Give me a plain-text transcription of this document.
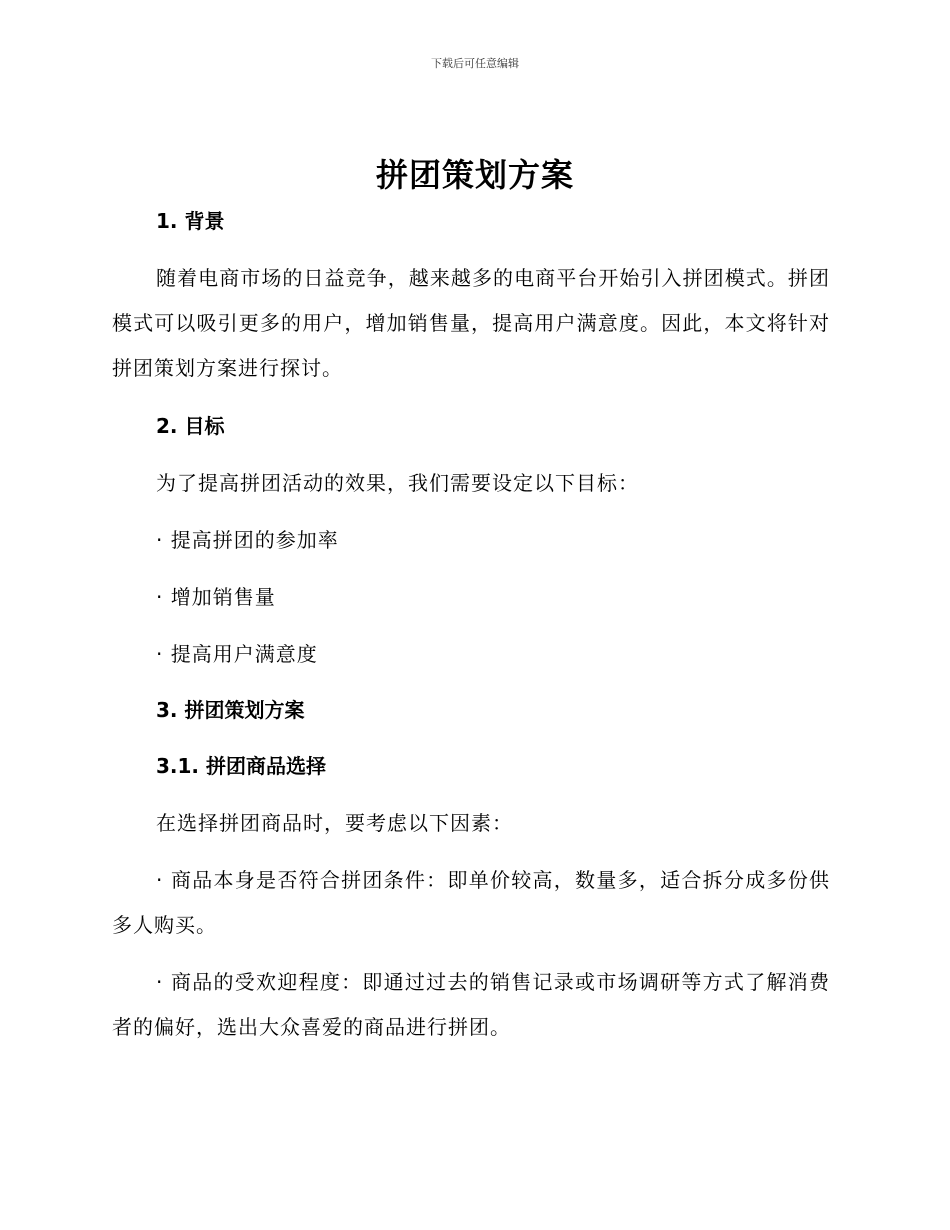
下载后可任意编辑
拼团策划方案
1. 背景

随着电商市场的日益竞争，越来越多的电商平台开始引入拼团模式。拼团模式可以吸引更多的用户，增加销售量，提高用户满意度。因此，本文将针对拼团策划方案进行探讨。

2. 目标

为了提高拼团活动的效果，我们需要设定以下目标：

· 提高拼团的参加率

· 增加销售量

· 提高用户满意度

3. 拼团策划方案
3.1. 拼团商品选择

在选择拼团商品时，要考虑以下因素：

· 商品本身是否符合拼团条件：即单价较高，数量多，适合拆分成多份供多人购买。

· 商品的受欢迎程度：即通过过去的销售记录或市场调研等方式了解消费者的偏好，选出大众喜爱的商品进行拼团。
